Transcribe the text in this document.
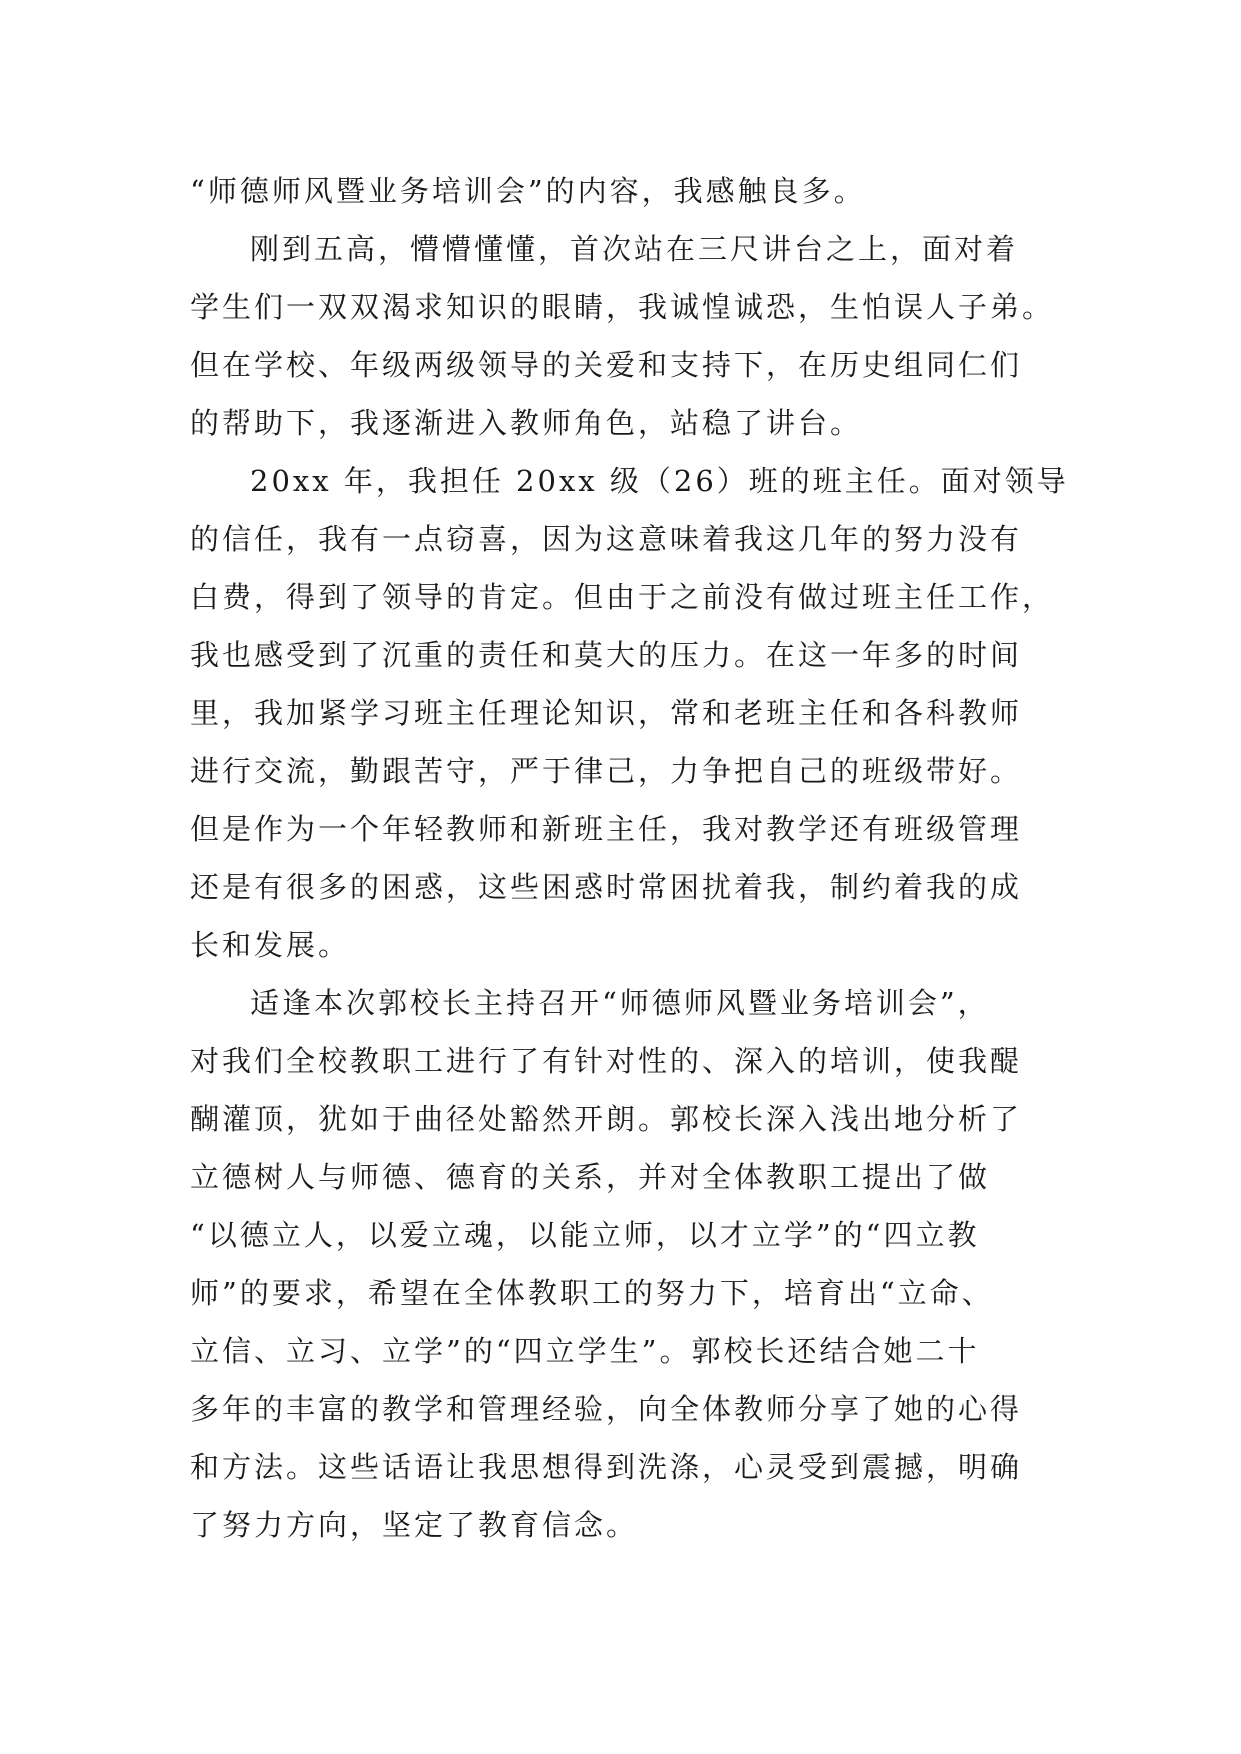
“师德师风暨业务培训会”的内容，我感触良多。
刚到五高，懵懵懂懂，首次站在三尺讲台之上，面对着
学生们一双双渴求知识的眼睛，我诚惶诚恐，生怕误人子弟。
但在学校、年级两级领导的关爱和支持下，在历史组同仁们
的帮助下，我逐渐进入教师角色，站稳了讲台。
20xx 年，我担任 20xx 级（26）班的班主任。面对领导
的信任，我有一点窃喜，因为这意味着我这几年的努力没有
白费，得到了领导的肯定。但由于之前没有做过班主任工作，
我也感受到了沉重的责任和莫大的压力。在这一年多的时间
里，我加紧学习班主任理论知识，常和老班主任和各科教师
进行交流，勤跟苦守，严于律己，力争把自己的班级带好。
但是作为一个年轻教师和新班主任，我对教学还有班级管理
还是有很多的困惑，这些困惑时常困扰着我，制约着我的成
长和发展。
适逢本次郭校长主持召开“师德师风暨业务培训会”，
对我们全校教职工进行了有针对性的、深入的培训，使我醍
醐灌顶，犹如于曲径处豁然开朗。郭校长深入浅出地分析了
立德树人与师德、德育的关系，并对全体教职工提出了做
“以德立人，以爱立魂，以能立师，以才立学”的“四立教
师”的要求，希望在全体教职工的努力下，培育出“立命、
立信、立习、立学”的“四立学生”。郭校长还结合她二十
多年的丰富的教学和管理经验，向全体教师分享了她的心得
和方法。这些话语让我思想得到洗涤，心灵受到震撼，明确
了努力方向，坚定了教育信念。
